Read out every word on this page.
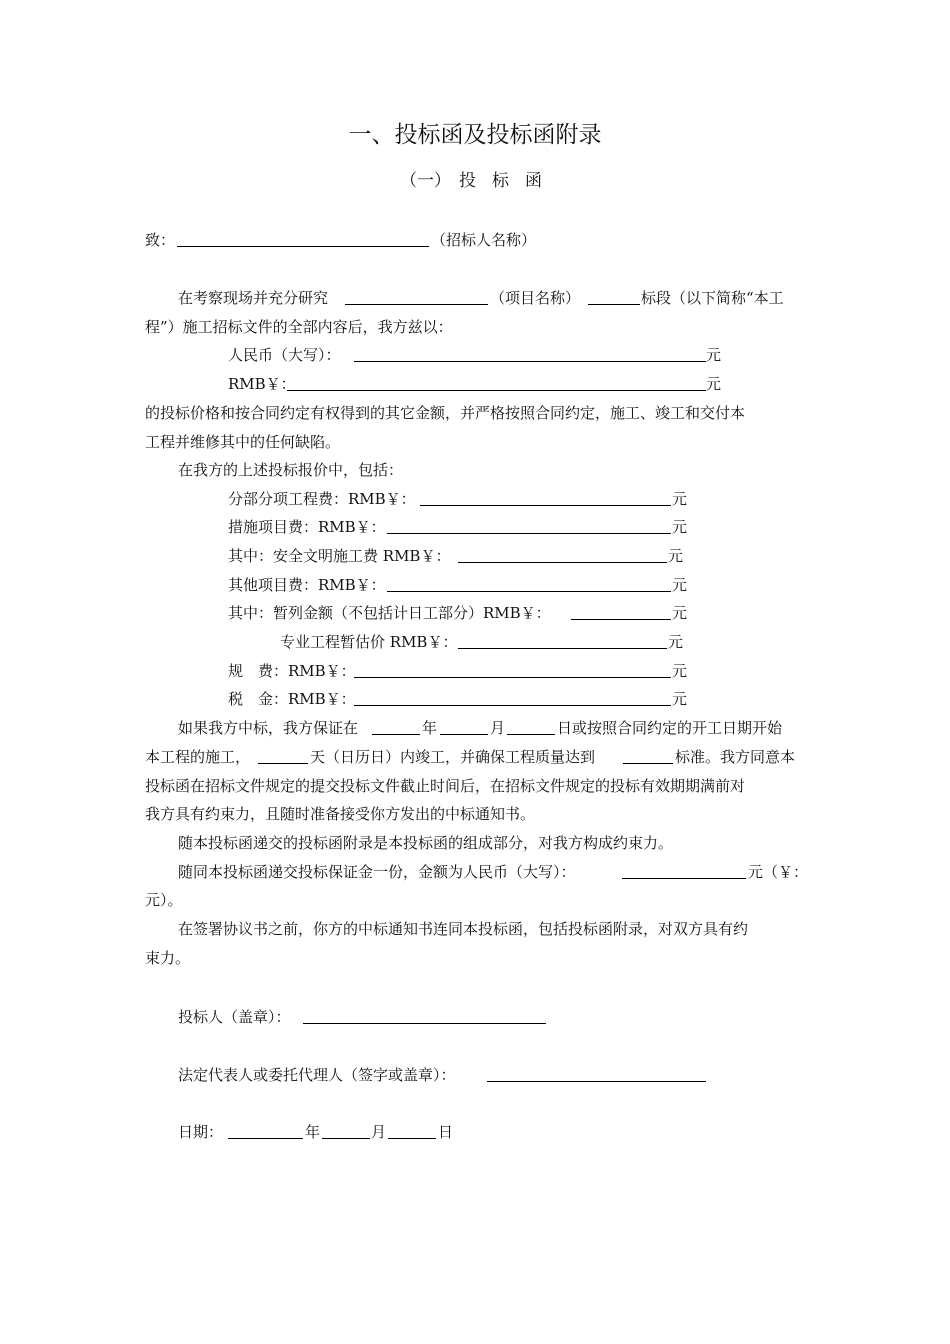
一、投标函及投标函附录
（一） 投 标 函
致：	（招标人名称）
在考察现场并充分研究	（项目名称）	标段（以下简称“本工
程”）施工招标文件的全部内容后，我方兹以：
人民币（大写）：	元
RMB￥：	元
的投标价格和按合同约定有权得到的其它金额，并严格按照合同约定，施工、竣工和交付本
工程并维修其中的任何缺陷。
在我方的上述投标报价中，包括：
分部分项工程费：RMB￥：	元
措施项目费：RMB￥：	元
其中：安全文明施工费 RMB￥：	元
其他项目费：RMB￥：	元
其中：暂列金额（不包括计日工部分）RMB￥：	元
专业工程暂估价 RMB￥：	元
规　费：RMB￥：	元
税　金：RMB￥：	元
如果我方中标，我方保证在	年	月	日或按照合同约定的开工日期开始
本工程的施工，	天（日历日）内竣工，并确保工程质量达到	标准。我方同意本
投标函在招标文件规定的提交投标文件截止时间后，在招标文件规定的投标有效期期满前对
我方具有约束力，且随时准备接受你方发出的中标通知书。
随本投标函递交的投标函附录是本投标函的组成部分，对我方构成约束力。
随同本投标函递交投标保证金一份，金额为人民币（大写）：	元（￥：
元）。
在签署协议书之前，你方的中标通知书连同本投标函，包括投标函附录，对双方具有约
束力。
投标人（盖章）：
法定代表人或委托代理人（签字或盖章）：
日期：	年	月	日
